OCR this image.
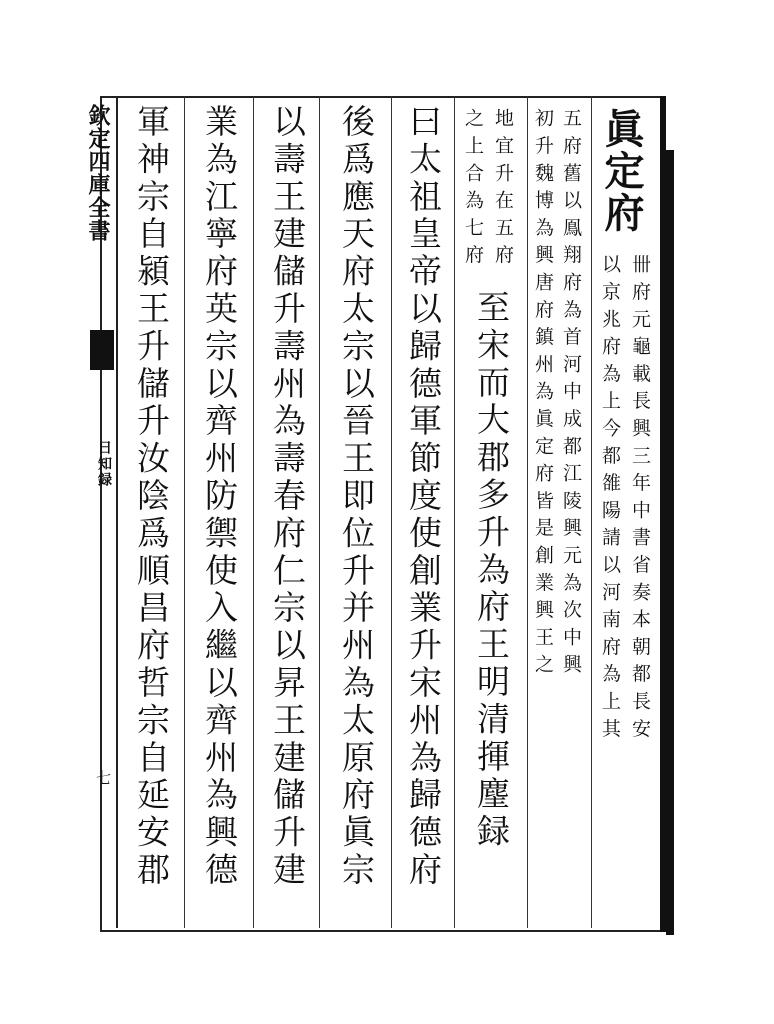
欽定四庫全書
日知録
七
眞定府
卌府元龜載長興三年中書省奏本朝都長安
以京兆府為上今都雒陽請以河南府為上其
五府舊以鳯翔府為首河中成都江陵興元為次中興
初升魏博為興唐府鎮州為眞定府皆是創業興王之
地宜升在五府
之上合為七府
至宋而大郡多升為府王明清揮麈録
曰太祖皇帝以歸德軍節度使創業升宋州為歸德府
後爲應天府太宗以晉王即位升并州為太原府眞宗
以壽王建儲升壽州為壽春府仁宗以昇王建儲升建
業為江寧府英宗以齊州防禦使入繼以齊州為興德
軍神宗自潁王升儲升汝陰爲順昌府哲宗自延安郡
